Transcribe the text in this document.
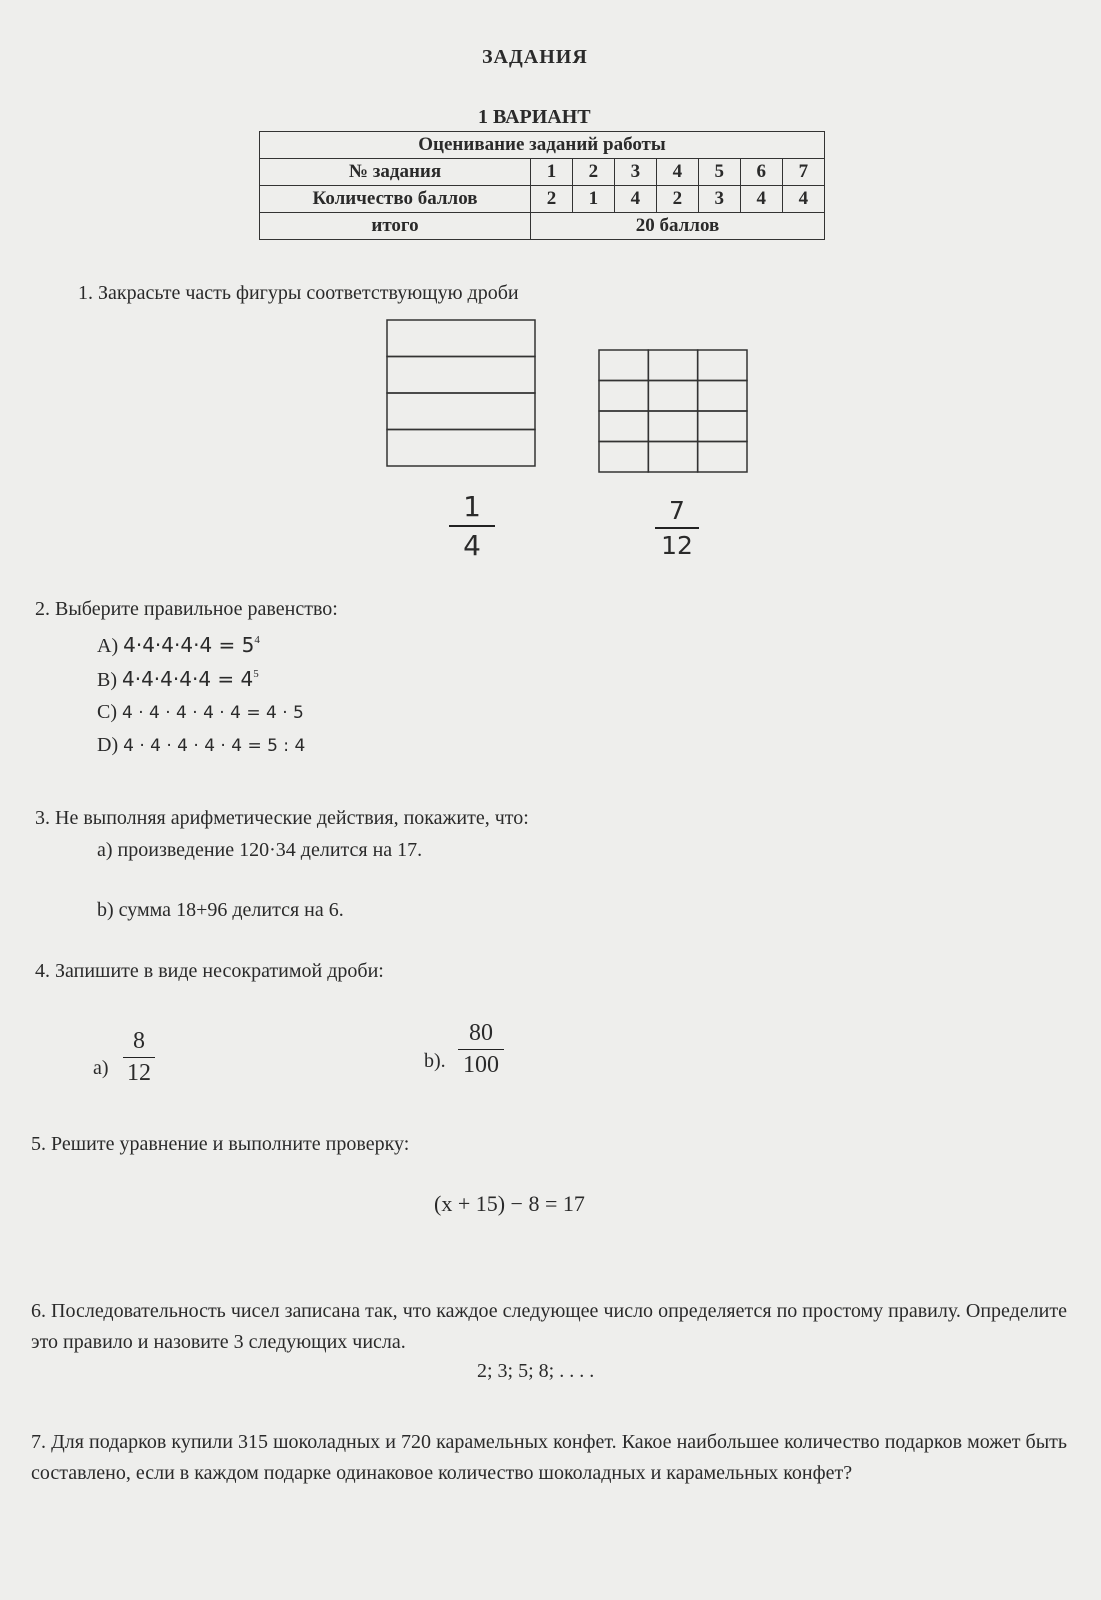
ЗАДАНИЯ
1 ВАРИАНТ
Оценивание заданий работы							
№ задания	1	2	3	4	5	6	7
Количество баллов	2	1	4	2	3	4	4
итого	20 баллов						
1. Закрасьте часть фигуры соответствующую дроби
1
4
7
12
2. Выберите правильное равенство:
A) $4\cdot 4\cdot 4\cdot 4\cdot 4 = 5^4$
B) $4\cdot 4\cdot 4\cdot 4\cdot 4 = 4^5$
C) 4 · 4 · 4 · 4 · 4 = 4 · 5
D) 4 · 4 · 4 · 4 · 4 = 5 : 4
3. Не выполняя арифметические действия, покажите, что:
а) произведение 120·34 делится на 17.
b) сумма 18+96 делится на 6.
4. Запишите в виде несократимой дроби:
а)
8
12	b).
80
100
5. Решите уравнение и выполните проверку:
(x + 15) − 8 = 17
6. Последовательность чисел записана так, что каждое следующее число определяется по простому правилу. Определите это правило и назовите 3 следующих числа.
2; 3; 5; 8; . . . .
7. Для подарков купили 315 шоколадных и 720 карамельных конфет. Какое наибольшее количество подарков может быть составлено, если в каждом подарке одинаковое количество шоколадных и карамельных конфет?
